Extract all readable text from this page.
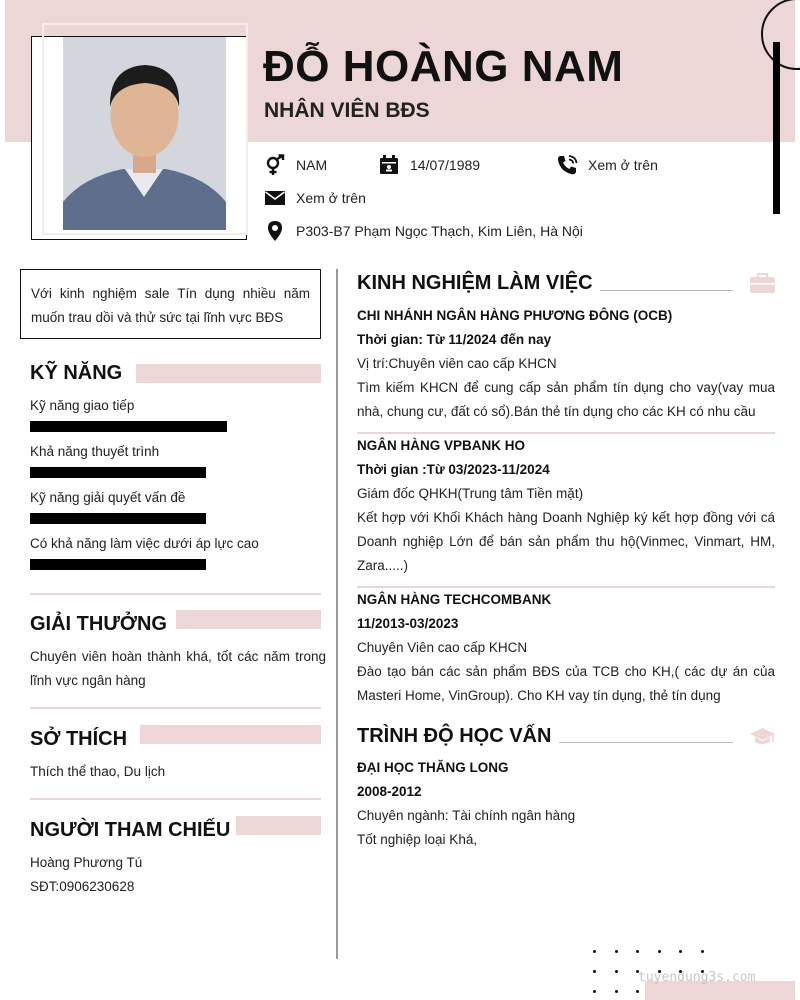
ĐỖ HOÀNG NAM
NHÂN VIÊN BĐS
NAM	14/07/1989	Xem ở trên
Xem ở trên
P303-B7 Phạm Ngọc Thạch, Kim Liên, Hà Nội
Với kinh nghiệm sale Tín dụng nhiều năm muốn trau dồi và thử sức tại lĩnh vực BĐS
KỸ NĂNG
Kỹ năng giao tiếp
Khả năng thuyết trình
Kỹ năng giải quyết vấn đề
Có khả năng làm việc dưới áp lực cao
GIẢI THƯỞNG
Chuyên viên hoàn thành khá, tốt các năm trong lĩnh vực ngân hàng
SỞ THÍCH
Thích thể thao, Du lịch
NGƯỜI THAM CHIẾU
Hoàng Phương Tú
SĐT:0906230628
KINH NGHIỆM LÀM VIỆC
CHI NHÁNH NGÂN HÀNG PHƯƠNG ĐÔNG (OCB)
Thời gian: Từ 11/2024 đến nay
Vị trí:Chuyên viên cao cấp KHCN
Tìm kiếm KHCN để cung cấp sản phẩm tín dụng cho vay(vay mua nhà, chung cư, đất có sổ).Bán thẻ tín dụng cho các KH có nhu cầu
NGÂN HÀNG VPBANK HO
Thời gian :Từ 03/2023-11/2024
Giám đốc QHKH(Trung tâm Tiền mặt)
Kết hợp với Khối Khách hàng Doanh Nghiệp ký kết hợp đồng với cá Doanh nghiệp Lớn để bán sản phẩm thu hộ(Vinmec, Vinmart, HM, Zara.....)
NGÂN HÀNG TECHCOMBANK
11/2013-03/2023
Chuyên Viên cao cấp KHCN
Đào tạo bán các sản phẩm BĐS của TCB cho KH,( các dự án của Masteri Home, VinGroup). Cho KH vay tín dụng, thẻ tín dụng
TRÌNH ĐỘ HỌC VẤN
ĐẠI HỌC THĂNG LONG
2008-2012
Chuyên ngành: Tài chính ngân hàng
Tốt nghiệp loại Khá,
tuyendung3s.com
